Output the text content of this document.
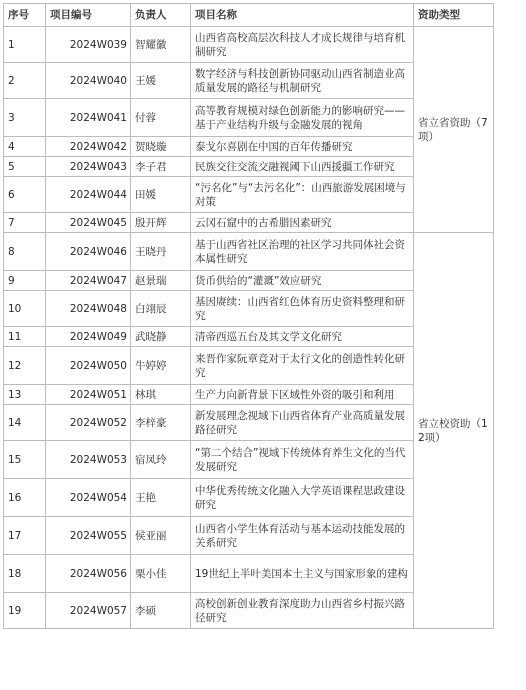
序号	项目编号	负责人	项目名称	资助类型
1	2024W039	智耀徽	山西省高校高层次科技人才成长规律与培育机制研究	省立省资助（7项）
2	2024W040	王媛	数字经济与科技创新协同驱动山西省制造业高质量发展的路径与机制研究	
3	2024W041	付蓉	高等教育规模对绿色创新能力的影响研究——基于产业结构升级与金融发展的视角	
4	2024W042	贺晓璇	泰戈尔喜剧在中国的百年传播研究	
5	2024W043	李子君	民族交往交流交融视阈下山西援疆工作研究	
6	2024W044	田媛	“污名化”与“去污名化”：山西旅游发展困境与对策	
7	2024W045	殷开辉	云冈石窟中的古希腊因素研究	
8	2024W046	王晓丹	基于山西省社区治理的社区学习共同体社会资本属性研究	省立校资助（12项）
9	2024W047	赵景瑞	货币供给的“灌溉”效应研究	
10	2024W048	白翊辰	基因赓续：山西省红色体育历史资料整理和研究	
11	2024W049	武晓静	清帝西巡五台及其文学文化研究	
12	2024W050	牛婷婷	来晋作家阮章竞对于太行文化的创造性转化研究	
13	2024W051	林琪	生产力向新背景下区域性外资的吸引和利用	
14	2024W052	李梓豪	新发展理念视域下山西省体育产业高质量发展路径研究	
15	2024W053	宿凤玲	“第二个结合”视域下传统体育养生文化的当代发展研究	
16	2024W054	王艳	中华优秀传统文化融入大学英语课程思政建设研究	
17	2024W055	侯亚丽	山西省小学生体育活动与基本运动技能发展的关系研究	
18	2024W056	栗小佳	19世纪上半叶美国本土主义与国家形象的建构	
19	2024W057	李硕	高校创新创业教育深度助力山西省乡村振兴路径研究	
